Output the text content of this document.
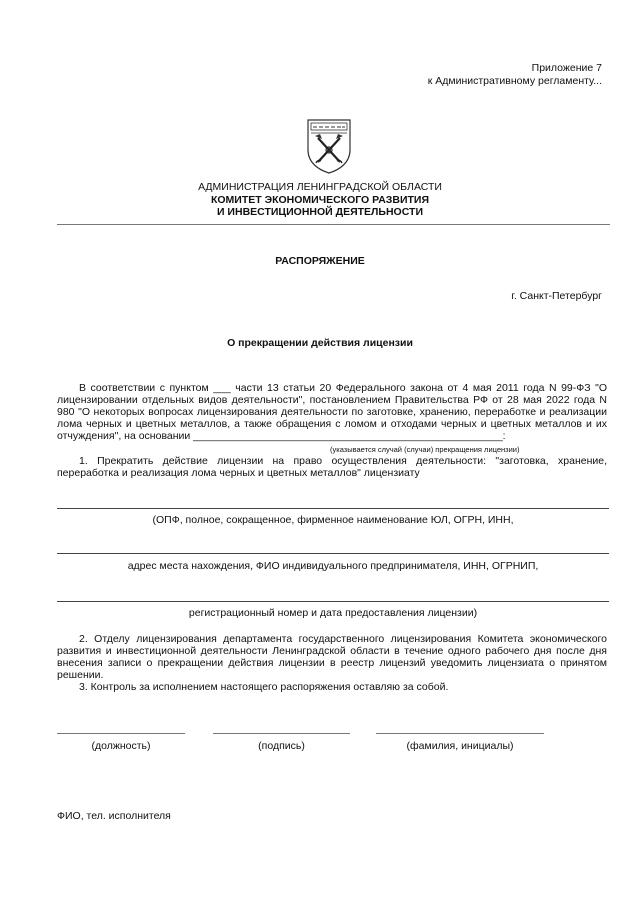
Приложение 7
к Административному регламенту...
АДМИНИСТРАЦИЯ ЛЕНИНГРАДСКОЙ ОБЛАСТИ
КОМИТЕТ ЭКОНОМИЧЕСКОГО РАЗВИТИЯ
И ИНВЕСТИЦИОННОЙ ДЕЯТЕЛЬНОСТИ
РАСПОРЯЖЕНИЕ
г. Санкт-Петербург
О прекращении действия лицензии
В соответствии с пунктом ___ части 13 статьи 20 Федерального закона от 4 мая 2011 года N 99-ФЗ "О лицензировании отдельных видов деятельности", постановлением Правительства РФ от 28 мая 2022 года N 980 "О некоторых вопросах лицензирования деятельности по заготовке, хранению, переработке и реализации лома черных и цветных металлов, а также обращения с ломом и отходами черных и цветных металлов и их отчуждения", на основании _____________________________________________________:
(указывается случай (случаи) прекращения лицензии)
1. Прекратить действие лицензии на право осуществления деятельности: "заготовка, хранение, переработка и реализация лома черных и цветных металлов" лицензиату
(ОПФ, полное, сокращенное, фирменное наименование ЮЛ, ОГРН, ИНН,
адрес места нахождения, ФИО индивидуального предпринимателя, ИНН, ОГРНИП,
регистрационный номер и дата предоставления лицензии)
2. Отделу лицензирования департамента государственного лицензирования Комитета экономического развития и инвестиционной деятельности Ленинградской области в течение одного рабочего дня после дня внесения записи о прекращении действия лицензии в реестр лицензий уведомить лицензиата о принятом решении.
3. Контроль за исполнением настоящего распоряжения оставляю за собой.
(должность)	(подпись)	(фамилия, инициалы)
ФИО, тел. исполнителя
